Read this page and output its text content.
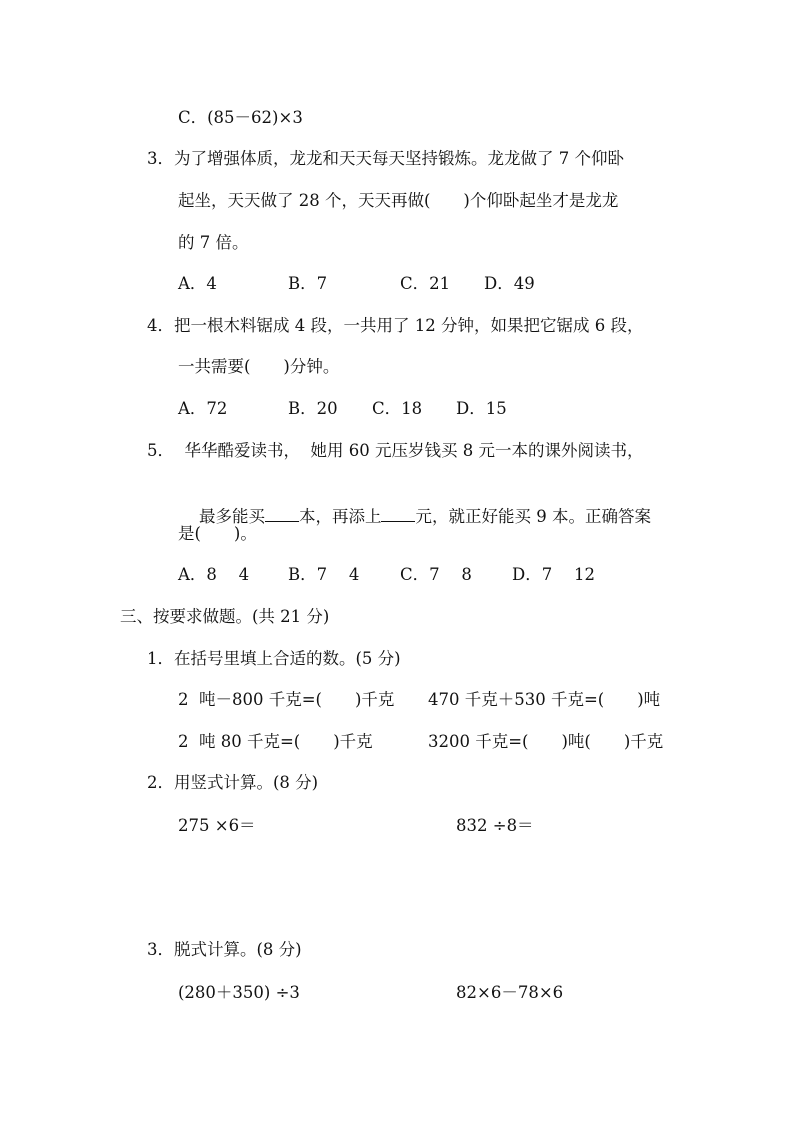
C．(85－62)×3
3．为了增强体质，龙龙和天天每天坚持锻炼。龙龙做了 7 个仰卧
起坐，天天做了 28 个，天天再做(　　)个仰卧起坐才是龙龙
的 7 倍。
A．4	B．7	C．21 D．49
4．把一根木料锯成 4 段，一共用了 12 分钟，如果把它锯成 6 段，
一共需要(　　)分钟。
A．72	B．20 C．18 D．15
5．  华华酷爱读书，  她用 60 元压岁钱买 8 元一本的课外阅读书，

最多能买 本，再添上 元，就正好能买 9 本。正确答案

是(　　)。
A．8　 4 B．7　 4 C．7　 8 D．7　 12
三、按要求做题。(共 21 分)
1．在括号里填上合适的数。(5 分)
2  吨－800 千克=(　　)千克 470 千克＋530 千克=(　　)吨
2  吨 80 千克=(　　)千克	3200 千克=(　　)吨(　　)千克
2．用竖式计算。(8 分)
275 ×6＝	832 ÷8＝
3．脱式计算。(8 分)
(280＋350) ÷3	82×6－78×6
